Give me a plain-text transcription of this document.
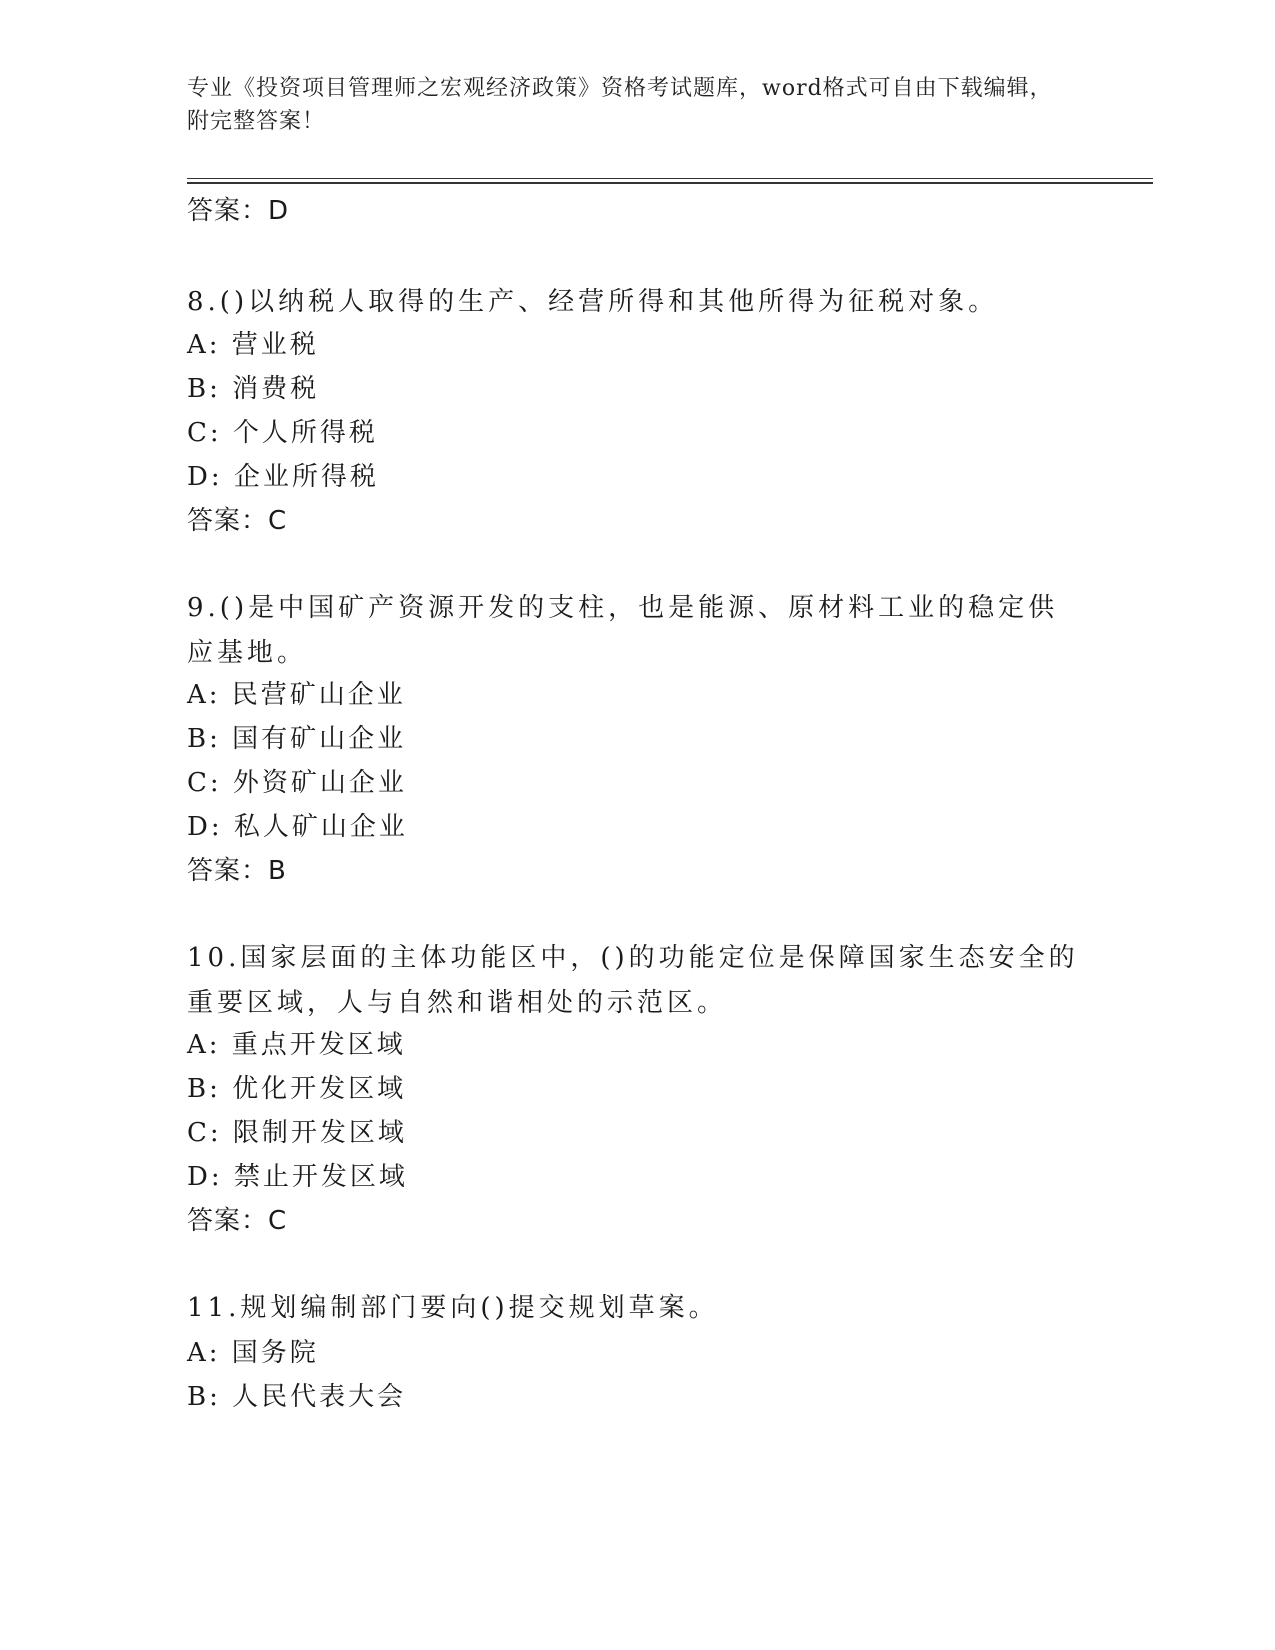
专业《投资项目管理师之宏观经济政策》资格考试题库，word格式可自由下载编辑，附完整答案！
答案：D
8.()以纳税人取得的生产、经营所得和其他所得为征税对象。
A: 营业税
B: 消费税
C: 个人所得税
D: 企业所得税
答案：C
9.()是中国矿产资源开发的支柱，也是能源、原材料工业的稳定供应基地。
A: 民营矿山企业
B: 国有矿山企业
C: 外资矿山企业
D: 私人矿山企业
答案：B
10.国家层面的主体功能区中，()的功能定位是保障国家生态安全的重要区域，人与自然和谐相处的示范区。
A: 重点开发区域
B: 优化开发区域
C: 限制开发区域
D: 禁止开发区域
答案：C
11.规划编制部门要向()提交规划草案。
A: 国务院
B: 人民代表大会
